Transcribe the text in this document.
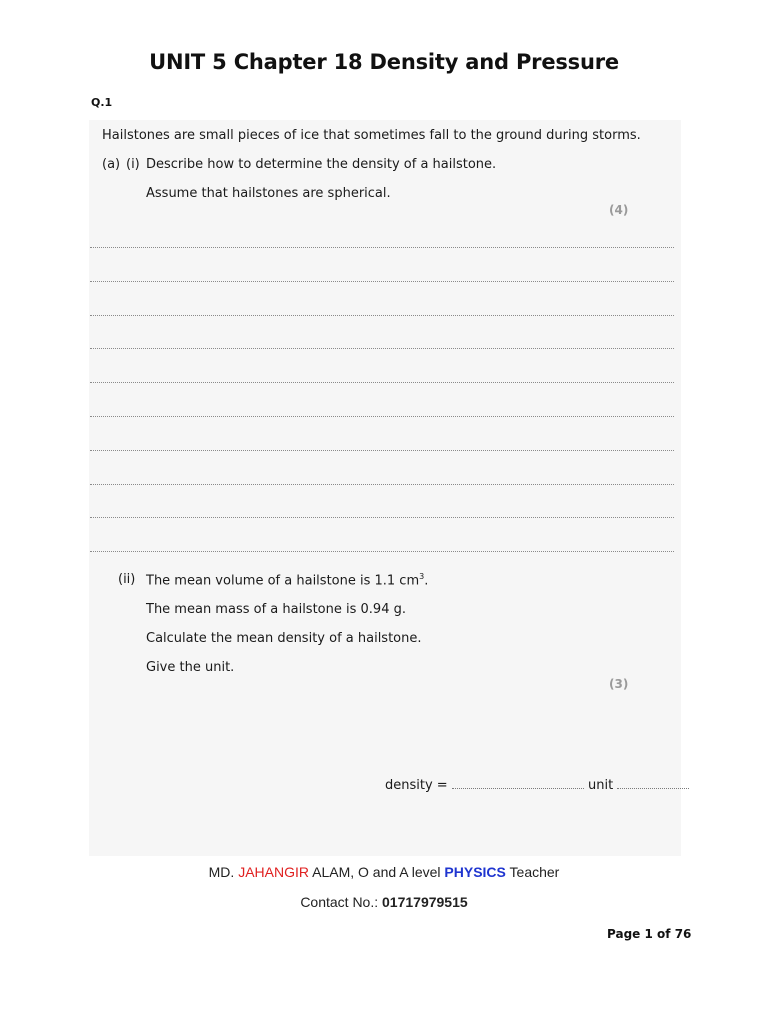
UNIT 5 Chapter 18 Density and Pressure
Q.1
Hailstones are small pieces of ice that sometimes fall to the ground during storms.
(a) (i) Describe how to determine the density of a hailstone.
Assume that hailstones are spherical.
(4)
(ii) The mean volume of a hailstone is 1.1 $cm^3$.
The mean mass of a hailstone is 0.94 g.
Calculate the mean density of a hailstone.
Give the unit.
(3)
density =	unit
MD. JAHANGIR ALAM, O and A level PHYSICS Teacher
Contact No.: 01717979515
Page 1 of 76
